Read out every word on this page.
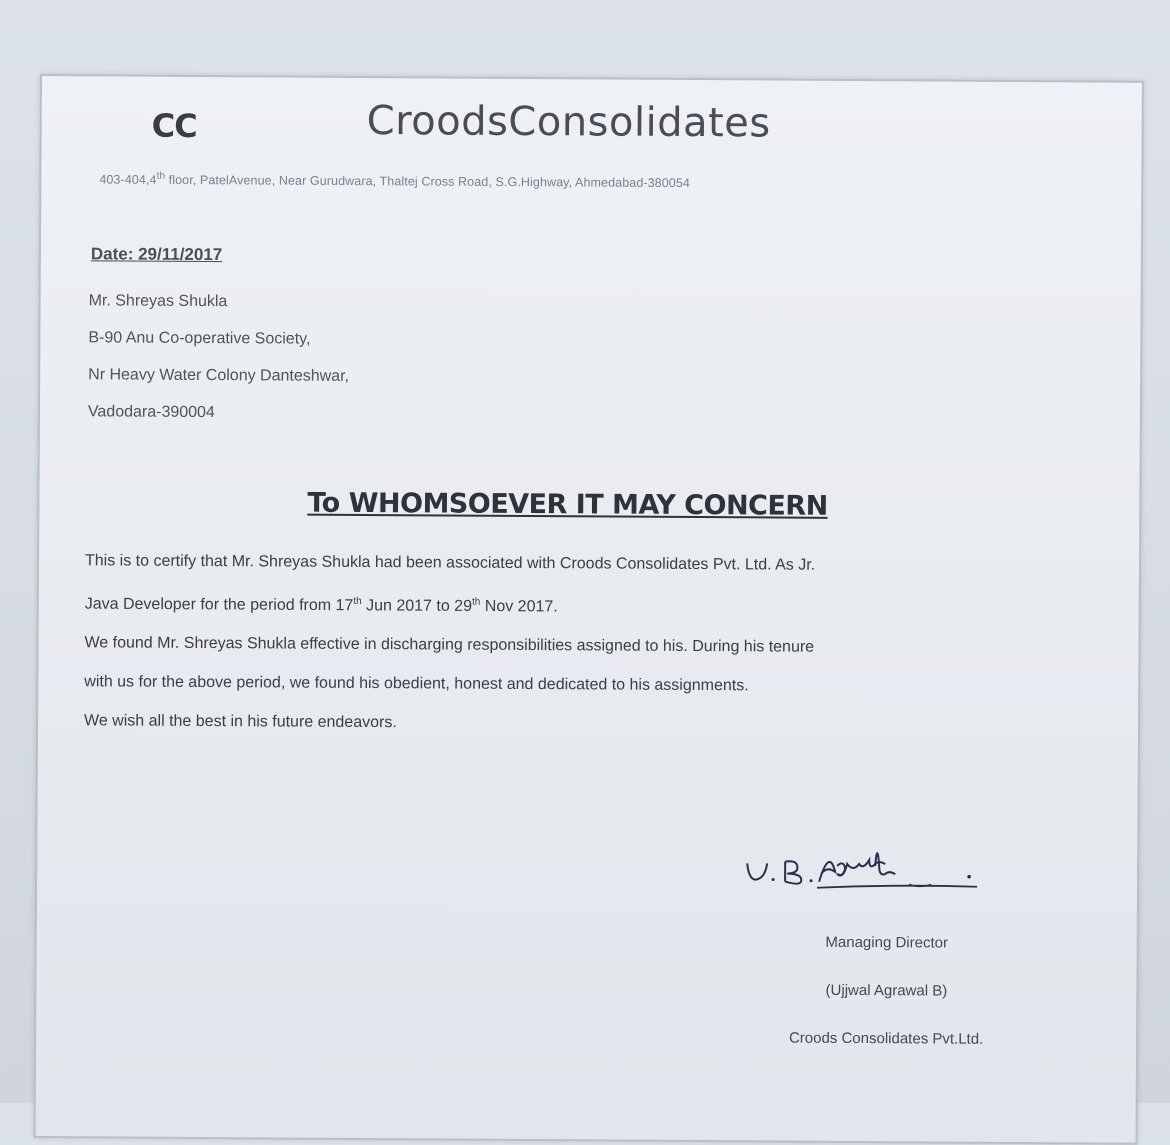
CC	CroodsConsolidates
403-404,4th floor, PatelAvenue, Near Gurudwara, Thaltej Cross Road, S.G.Highway, Ahmedabad-380054
Date: 29/11/2017
Mr. Shreyas Shukla
B-90 Anu Co-operative Society,
Nr Heavy Water Colony Danteshwar,
Vadodara-390004
To WHOMSOEVER IT MAY CONCERN
This is to certify that Mr. Shreyas Shukla had been associated with Croods Consolidates Pvt. Ltd. As Jr.
Java Developer for the period from 17th Jun 2017 to 29th Nov 2017.
We found Mr. Shreyas Shukla effective in discharging responsibilities assigned to his. During his tenure
with us for the above period, we found his obedient, honest and dedicated to his assignments.
We wish all the best in his future endeavors.
Managing Director
(Ujjwal Agrawal B)
Croods Consolidates Pvt.Ltd.
